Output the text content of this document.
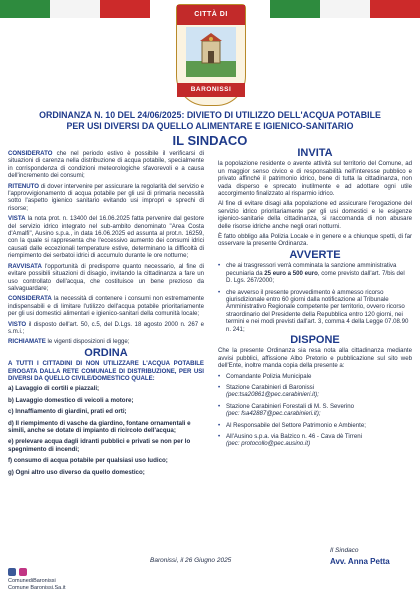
CITTÀ DI
BARONISSI
ORDINANZA N. 10 DEL 24/06/2025: DIVIETO DI UTILIZZO DELL'ACQUA POTABILE
PER USI DIVERSI DA QUELLO ALIMENTARE E IGIENICO-SANITARIO
IL SINDACO

CONSIDERATO che nel periodo estivo è possibile il verificarsi di situazioni di carenza nella distribuzione di acqua potabile, specialmente in corrispondenza di condizioni meteorologiche sfavorevoli e a causa dell'incremento dei consumi;

RITENUTO di dover intervenire per assicurare la regolarità del servizio e l'approvvigionamento di acqua potabile per gli usi di primaria necessità sotto l'aspetto igienico sanitario evitando usi impropri e sprechi di risorse;

VISTA la nota prot. n. 13400 del 16.06.2025 fatta pervenire dal gestore del servizio idrico integrato nel sub-ambito denominato "Area Costa d'Amalfi", Ausino s.p.a., in data 16.06.2025 ed assunta al prot.n. 16259, con la quale si rappresenta che l'eccessivo aumento dei consumi idrici causati dalle eccezionali temperature estive, determinano la difficoltà di riempimento dei serbatoi idrici di accumulo durante le ore notturne;

RAVVISATA l'opportunità di predisporre quanto necessario, al fine di evitare possibili situazioni di disagio, invitando la cittadinanza a fare un uso controllato dell'acqua, che costituisce un bene prezioso da salvaguardare;

CONSIDERATA la necessità di contenere i consumi non estremamente indispensabili e di limitare l'utilizzo dell'acqua potabile prioritariamente per gli usi domestici alimentari e igienico-sanitari della comunità locale;

VISTO il disposto dell'art. 50, c.5, del D.Lgs. 18 agosto 2000 n. 267 e s.m.i.;

RICHIAMATE le vigenti disposizioni di legge;

ORDINA

A TUTTI I CITTADINI DI NON UTILIZZARE L'ACQUA POTABILE EROGATA DALLA RETE COMUNALE DI DISTRIBUZIONE, PER USI DIVERSI DA QUELLO CIVILE/DOMESTICO QUALE:

a) Lavaggio di cortili e piazzali;
b) Lavaggio domestico di veicoli a motore;
c) Innaffiamento di giardini, prati ed orti;
d) Il riempimento di vasche da giardino, fontane ornamentali e simili, anche se dotate di impianto di ricircolo dell'acqua;
e) prelevare acqua dagli idranti pubblici e privati se non per lo spegnimento di incendi;
f) consumo di acqua potabile per qualsiasi uso ludico;
g) Ogni altro uso diverso da quello domestico;
INVITA

la popolazione residente o avente attività sul territorio del Comune, ad un maggior senso civico e di responsabilità nell'interesse pubblico e privato affinché il patrimonio idrico, bene di tutta la cittadinanza, non vada disperso e sprecato inutilmente e ad adottare ogni utile accorgimento finalizzato al risparmio idrico.

Al fine di evitare disagi alla popolazione ed assicurare l'erogazione del servizio idrico prioritariamente per gli usi domestici e le esigenze igienico-sanitarie della cittadinanza, si raccomanda di non abusare delle risorse idriche anche negli orari notturni.

È fatto obbligo alla Polizia Locale e in genere e a chiunque spetti, di far osservare la presente Ordinanza.

AVVERTE
• che ai trasgressori verrà comminata la sanzione amministrativa pecuniaria da 25 euro a 500 euro, come previsto dall'art. 7/bis del D. Lgs. 267/2000;
• che avverso il presente provvedimento è ammesso ricorso giurisdizionale entro 60 giorni dalla notificazione al Tribunale Amministrativo Regionale competente per territorio, ovvero ricorso straordinario del Presidente della Repubblica entro 120 giorni, nei termini e nei modi previsti dall'art. 3, comma 4 della Legge 07.08.90 n. 241;
DISPONE

Che la presente Ordinanza sia resa nota alla cittadinanza mediante avvisi pubblici, affissione Albo Pretorio e pubblicazione sul sito web dell'Ente, inoltre manda copia della presente a:

• Comandante Polizia Municipale
• Stazione Carabinieri di Baronissi
(pec:tsa20861@pec.carabinieri.it);
• Stazione Carabinieri Forestali di M. S. Severino
(pec: fsa42887@pec.carabinieri.it);
• Al Responsabile del Settore Patrimonio e Ambiente;
• All'Ausino s.p.a. via Balzico n. 46 - Cava dè Tirreni
(pec: protocollo@pec.ausino.it)
Baronissi, il 26 Giugno 2025
Il Sindaco
Avv. Anna Petta
ComunediBaronissi
Comune Baronissi.Sa.it
